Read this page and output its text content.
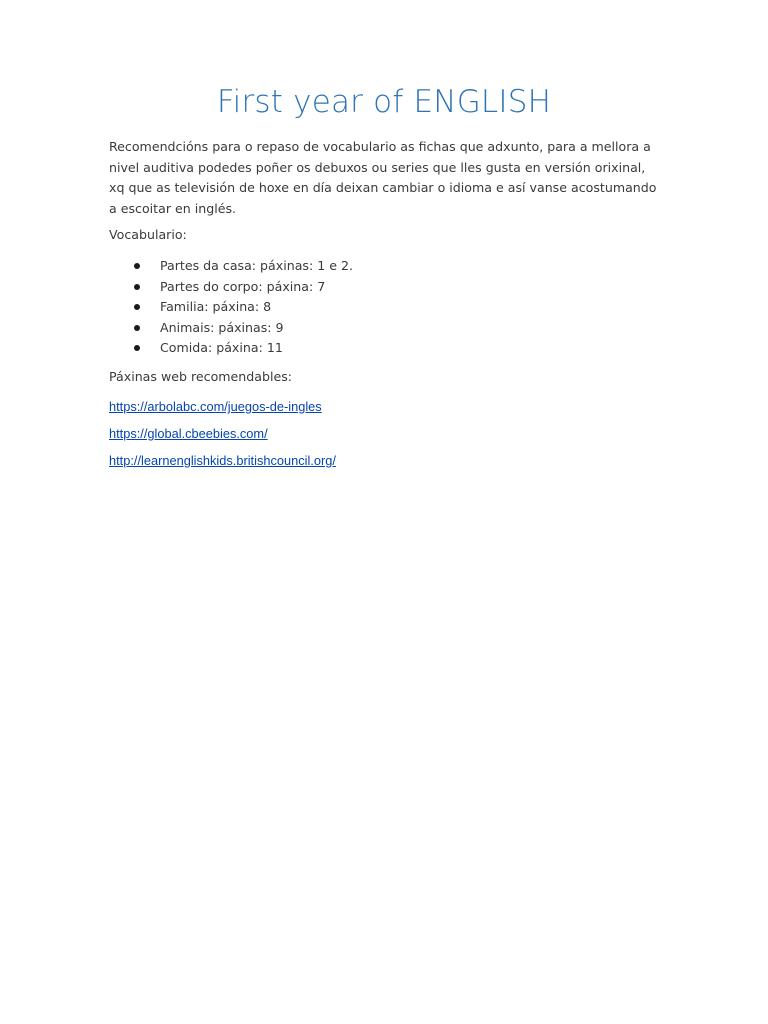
First year of ENGLISH

Recomendcións para o repaso de vocabulario as fichas que adxunto, para a mellora a nivel auditiva podedes poñer os debuxos ou series que lles gusta en versión orixinal, xq que as televisión de hoxe en día deixan cambiar o idioma e así vanse acostumando a escoitar en inglés.

Vocabulario:

Partes da casa: páxinas: 1 e 2.
Partes do corpo: páxina: 7
Familia: páxina: 8
Animais: páxinas: 9
Comida: páxina: 11

Páxinas web recomendables:

https://arbolabc.com/juegos-de-ingles
https://global.cbeebies.com/
http://learnenglishkids.britishcouncil.org/
